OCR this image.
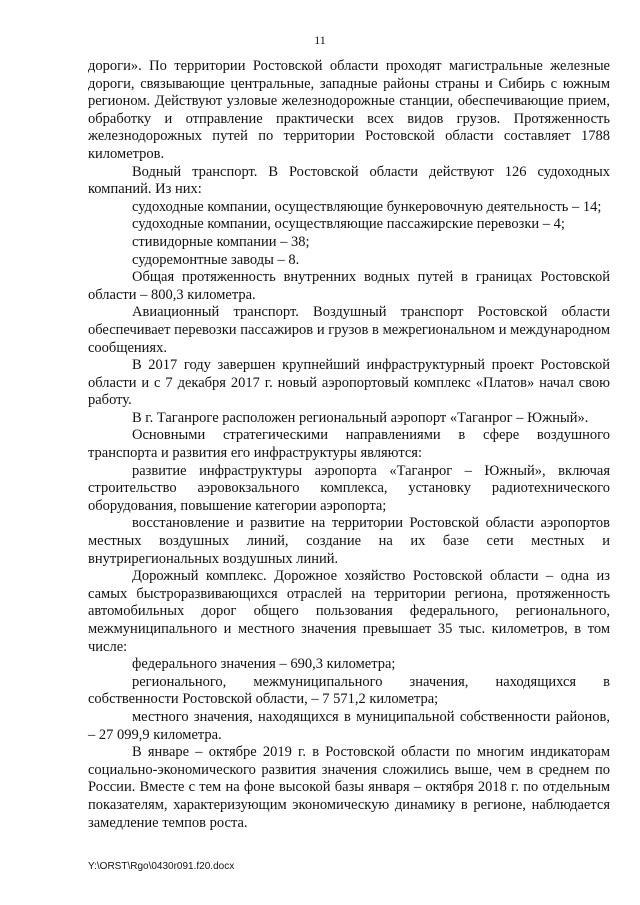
11

дороги». По территории Ростовской области проходят магистральные железные дороги, связывающие центральные, западные районы страны и Сибирь с южным регионом. Действуют узловые железнодорожные станции, обеспечивающие прием, обработку и отправление практически всех видов грузов. Протяженность железнодорожных путей по территории Ростовской области составляет 1788 километров.

Водный транспорт. В Ростовской области действуют 126 судоходных компаний. Из них:

судоходные компании, осуществляющие бункеровочную деятельность – 14;

судоходные компании, осуществляющие пассажирские перевозки – 4;

стивидорные компании – 38;

судоремонтные заводы – 8.

Общая протяженность внутренних водных путей в границах Ростовской области – 800,3 километра.

Авиационный транспорт. Воздушный транспорт Ростовской области обеспечивает перевозки пассажиров и грузов в межрегиональном и международном сообщениях.

В 2017 году завершен крупнейший инфраструктурный проект Ростовской области и с 7 декабря 2017 г. новый аэропортовый комплекс «Платов» начал свою работу.

В г. Таганроге расположен региональный аэропорт «Таганрог – Южный».

Основными стратегическими направлениями в сфере воздушного транспорта и развития его инфраструктуры являются:

развитие инфраструктуры аэропорта «Таганрог – Южный», включая строительство аэровокзального комплекса, установку радиотехнического оборудования, повышение категории аэропорта;

восстановление и развитие на территории Ростовской области аэропортов местных воздушных линий, создание на их базе сети местных и внутрирегиональных воздушных линий.

Дорожный комплекс. Дорожное хозяйство Ростовской области – одна из самых быстроразвивающихся отраслей на территории региона, протяженность автомобильных дорог общего пользования федерального, регионального, межмуниципального и местного значения превышает 35 тыс. километров, в том числе:

федерального значения – 690,3 километра;

регионального, межмуниципального значения, находящихся в собственности Ростовской области, – 7 571,2 километра;

местного значения, находящихся в муниципальной собственности районов, – 27 099,9 километра.

В январе – октябре 2019 г. в Ростовской области по многим индикаторам социально-экономического развития значения сложились выше, чем в среднем по России. Вместе с тем на фоне высокой базы января – октября 2018 г. по отдельным показателям, характеризующим экономическую динамику в регионе, наблюдается замедление темпов роста.

Y:\ORST\Rgo\0430r091.f20.docx
